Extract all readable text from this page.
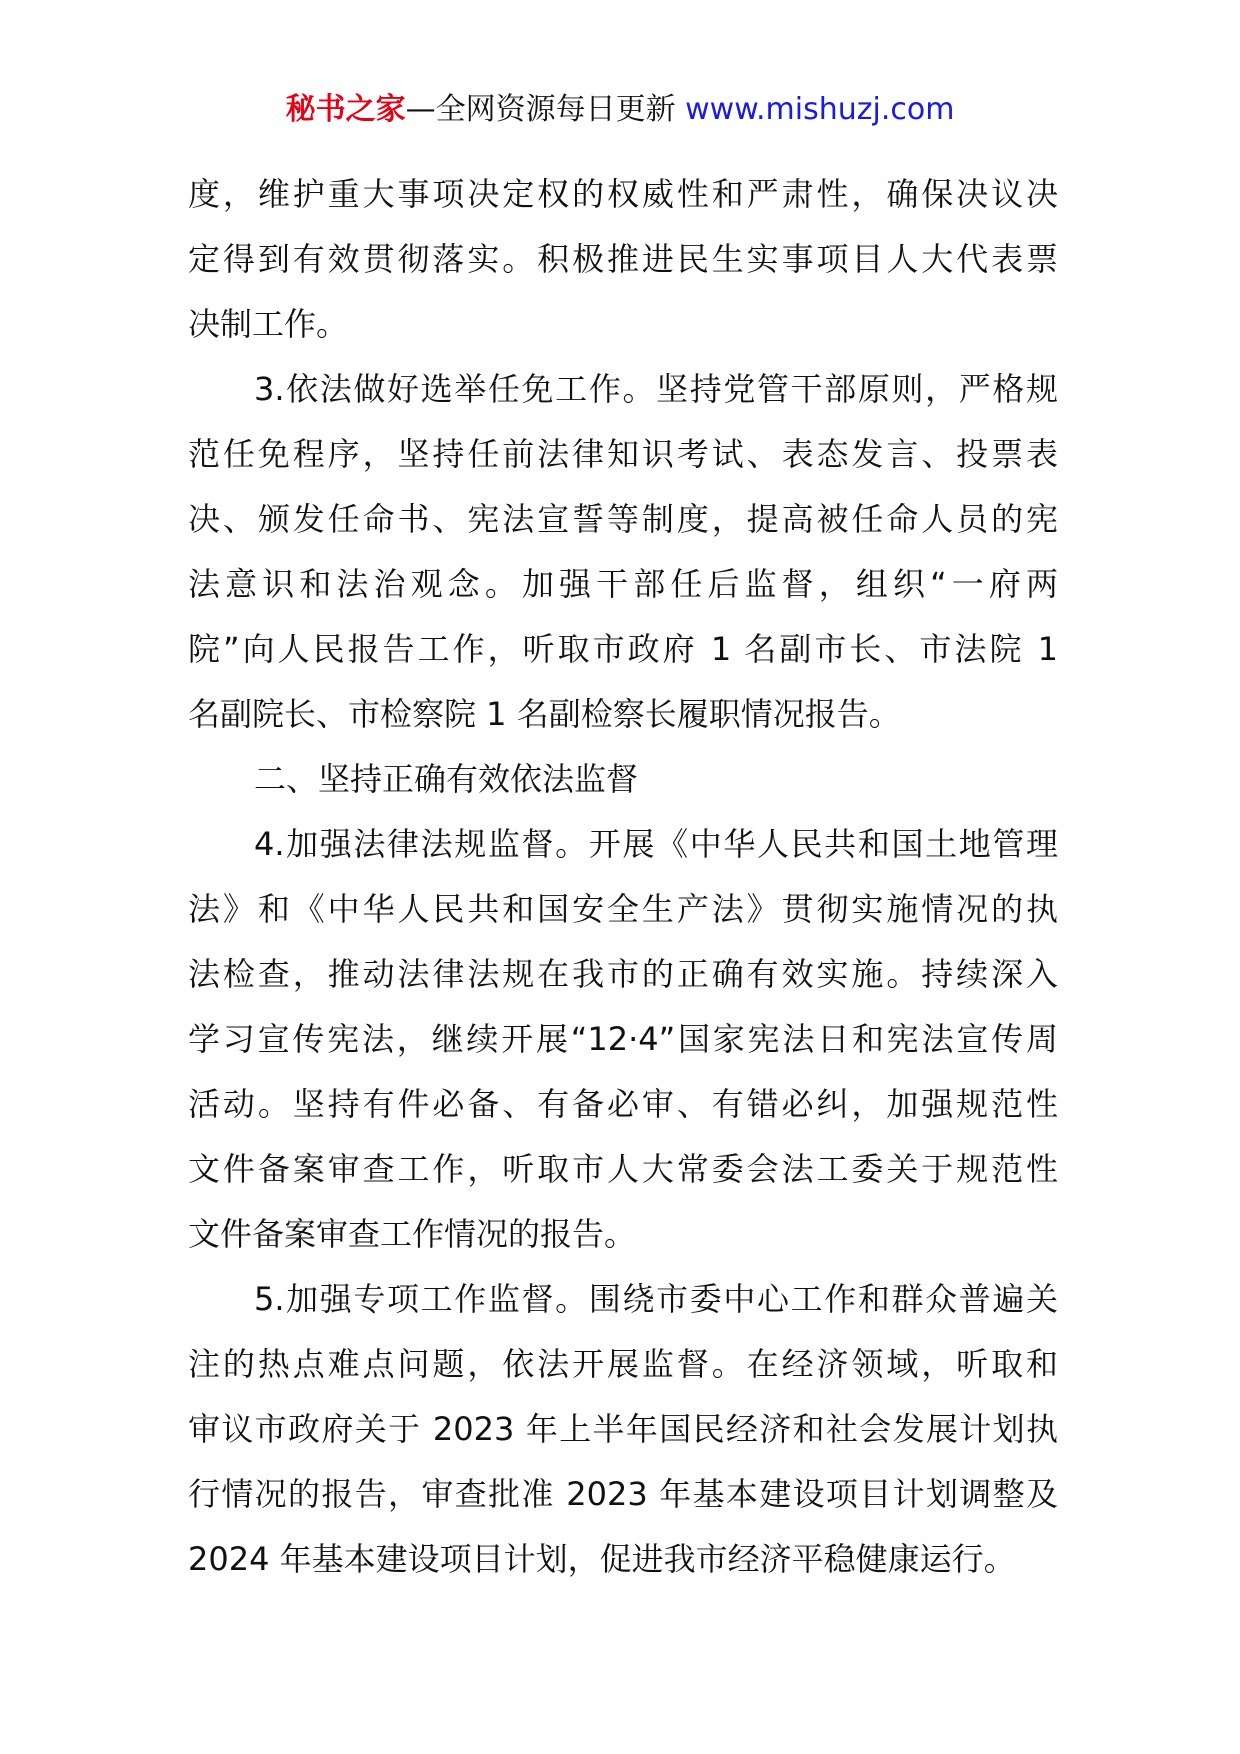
秘书之家—全网资源每日更新 www.mishuzj.com
度，维护重大事项决定权的权威性和严肃性，确保决议决
定得到有效贯彻落实。积极推进民生实事项目人大代表票
决制工作。
3.依法做好选举任免工作。坚持党管干部原则，严格规
范任免程序，坚持任前法律知识考试、表态发言、投票表
决、颁发任命书、宪法宣誓等制度，提高被任命人员的宪
法意识和法治观念。加强干部任后监督，组织“一府两
院”向人民报告工作，听取市政府 1 名副市长、市法院 1
名副院长、市检察院 1 名副检察长履职情况报告。
二、坚持正确有效依法监督
4.加强法律法规监督。开展《中华人民共和国土地管理
法》和《中华人民共和国安全生产法》贯彻实施情况的执
法检查，推动法律法规在我市的正确有效实施。持续深入
学习宣传宪法，继续开展“12·4”国家宪法日和宪法宣传周
活动。坚持有件必备、有备必审、有错必纠，加强规范性
文件备案审查工作，听取市人大常委会法工委关于规范性
文件备案审查工作情况的报告。
5.加强专项工作监督。围绕市委中心工作和群众普遍关
注的热点难点问题，依法开展监督。在经济领域，听取和
审议市政府关于 2023 年上半年国民经济和社会发展计划执
行情况的报告，审查批准 2023 年基本建设项目计划调整及
2024 年基本建设项目计划，促进我市经济平稳健康运行。
